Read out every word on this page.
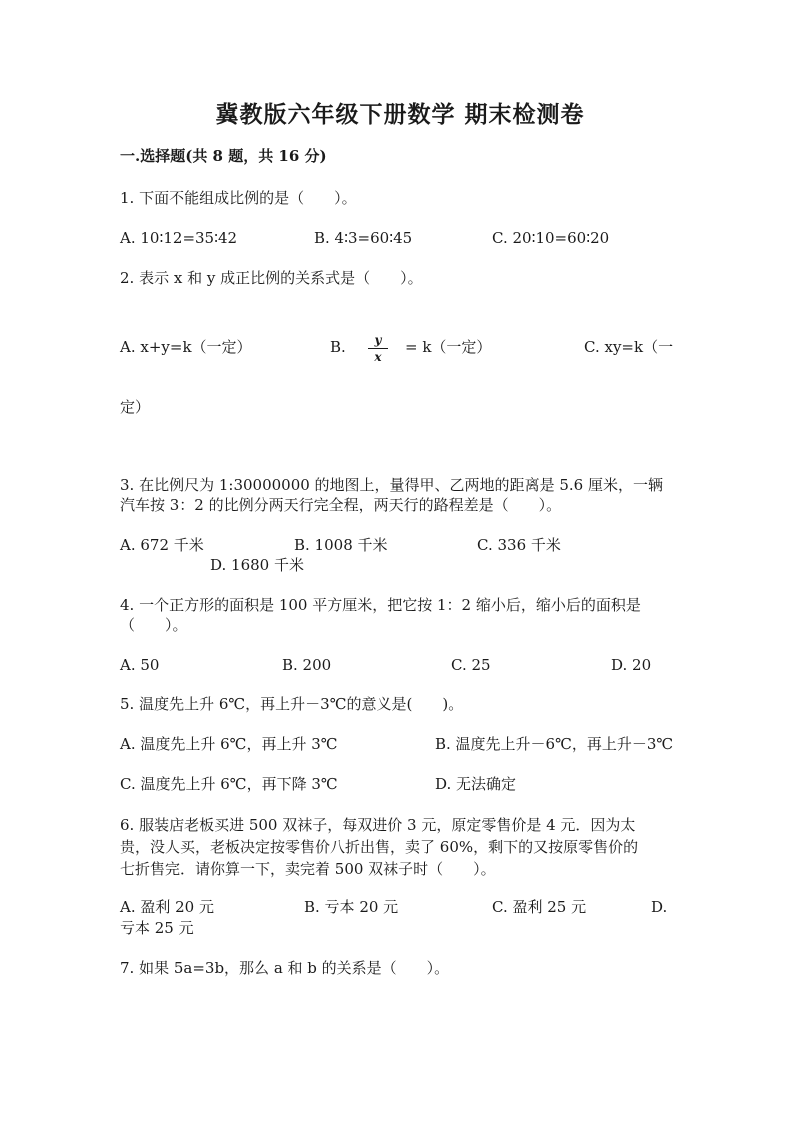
冀教版六年级下册数学 期末检测卷
一.选择题(共 8 题，共 16 分)
1. 下面不能组成比例的是（　　）。
A. 10∶12=35∶42	B. 4∶3=60∶45	C. 20∶10=60∶20
2. 表示 x 和 y 成正比例的关系式是（　　）。
A. x+y=k（一定）	B. $\frac{y}{x} = k$（一定）	C. xy=k（一
定）
3. 在比例尺为 1:30000000 的地图上，量得甲、乙两地的距离是 5.6 厘米，一辆
汽车按 3：2 的比例分两天行完全程，两天行的路程差是（　　）。
A. 672 千米	B. 1008 千米	C. 336 千米
D. 1680 千米
4. 一个正方形的面积是 100 平方厘米，把它按 1：2 缩小后，缩小后的面积是
（　　）。
A. 50	B. 200	C. 25	D. 20
5. 温度先上升 6℃，再上升－3℃的意义是(　　)。
A. 温度先上升 6℃，再上升 3℃	B. 温度先上升－6℃，再上升－3℃
C. 温度先上升 6℃，再下降 3℃	D. 无法确定
6. 服装店老板买进 500 双袜子，每双进价 3 元，原定零售价是 4 元．因为太
贵，没人买，老板决定按零售价八折出售，卖了 60%，剩下的又按原零售价的
七折售完．请你算一下，卖完着 500 双袜子时（　　）。
A. 盈利 20 元	B. 亏本 20 元	C. 盈利 25 元	D.
亏本 25 元
7. 如果 5a=3b，那么 a 和 b 的关系是（　　）。
